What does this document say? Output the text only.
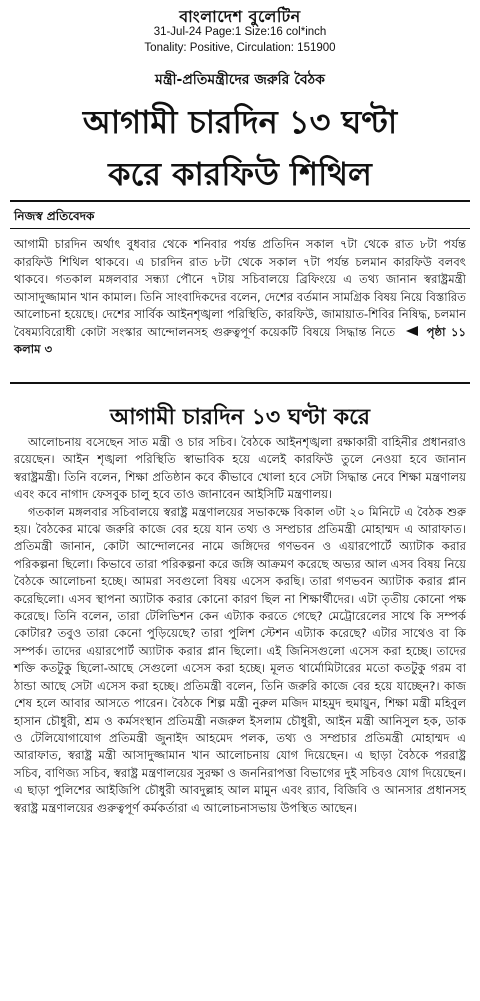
বাংলাদেশ বুলেটিন
31-Jul-24 Page:1 Size:16 col*inch
Tonality: Positive, Circulation: 151900
মন্ত্রী-প্রতিমন্ত্রীদের জরুরি বৈঠক
আগামী চারদিন ১৩ ঘণ্টা
করে কারফিউ শিথিল
নিজস্ব প্রতিবেদক
আগামী চারদিন অর্থাৎ বুধবার থেকে শনিবার পর্যন্ত প্রতিদিন সকাল ৭টা থেকে রাত ৮টা পর্যন্ত কারফিউ শিথিল থাকবে। এ চারদিন রাত ৮টা থেকে সকাল ৭টা পর্যন্ত চলমান কারফিউ বলবৎ থাকবে। গতকাল মঙ্গলবার সন্ধ্যা পৌনে ৭টায় সচিবালয়ে ব্রিফিংয়ে এ তথ্য জানান স্বরাষ্ট্রমন্ত্রী আসাদুজ্জামান খান কামাল। তিনি সাংবাদিকদের বলেন, দেশের বর্তমান সামগ্রিক বিষয় নিয়ে বিস্তারিত আলোচনা হয়েছে। দেশের সার্বিক আইনশৃঙ্খলা পরিস্থিতি, কারফিউ, জামায়াত-শিবির নিষিদ্ধ, চলমান বৈষম্যবিরোধী কোটা সংস্কার আন্দোলনসহ গুরুত্বপূর্ণ কয়েকটি বিষয়ে সিদ্ধান্ত নিতে	পৃষ্ঠা ১১ কলাম ৩
আগামী চারদিন ১৩ ঘণ্টা করে

আলোচনায় বসেছেন সাত মন্ত্রী ও চার সচিব। বৈঠকে আইনশৃঙ্খলা রক্ষাকারী বাহিনীর প্রধানরাও রয়েছেন। আইন শৃঙ্খলা পরিস্থিতি স্বাভাবিক হয়ে এলেই কারফিউ তুলে নেওয়া হবে জানান স্বরাষ্ট্রমন্ত্রী। তিনি বলেন, শিক্ষা প্রতিষ্ঠান কবে কীভাবে খোলা হবে সেটা সিদ্ধান্ত নেবে শিক্ষা মন্ত্রণালয় এবং কবে নাগাদ ফেসবুক চালু হবে তাও জানাবেন আইসিটি মন্ত্রণালয়।

গতকাল মঙ্গলবার সচিবালয়ে স্বরাষ্ট্র মন্ত্রণালয়ের সভাকক্ষে বিকাল ৩টা ২০ মিনিটে এ বৈঠক শুরু হয়। বৈঠকের মাঝে জরুরি কাজে বের হয়ে যান তথ্য ও সম্প্রচার প্রতিমন্ত্রী মোহাম্মদ এ আরাফাত। প্রতিমন্ত্রী জানান, কোটা আন্দোলনের নামে জঙ্গিদের গণভবন ও এয়ারপোর্টে অ্যাটাক করার পরিকল্পনা ছিলো। কিভাবে তারা পরিকল্পনা করে জঙ্গি আক্রমণ করেছে অভ্যর আল এসব বিষয় নিয়ে বৈঠকে আলোচনা হচ্ছে। আমরা সবগুলো বিষয় এসেস করছি। তারা গণভবন অ্যাটাক করার প্লান করেছিলো। এসব স্থাপনা অ্যাটাক করার কোনো কারণ ছিল না শিক্ষার্থীদের। এটা তৃতীয় কোনো পক্ষ করেছে। তিনি বলেন, তারা টেলিভিশন কেন এট্যাক করতে গেছে? মেট্রোরেলের সাথে কি সম্পর্ক কোটার? তবুও তারা কেনো পুড়িয়েছে? তারা পুলিশ স্টেশন এট্যাক করেছে? এটার সাথেও বা কি সম্পর্ক। তাদের এয়ারপোর্ট অ্যাটাক করার প্লান ছিলো। এই জিনিসগুলো এসেস করা হচ্ছে। তাদের শক্তি কতটুকু ছিলো-আছে সেগুলো এসেস করা হচ্ছে। মূলত থার্মোমিটারের মতো কতটুকু গরম বা ঠান্ডা আছে সেটা এসেস করা হচ্ছে। প্রতিমন্ত্রী বলেন, তিনি জরুরি কাজে বের হয়ে যাচ্ছেন?। কাজ শেষ হলে আবার আসতে পারেন। বৈঠকে শিল্প মন্ত্রী নুরুল মজিদ মাহমুদ হুমায়ুন, শিক্ষা মন্ত্রী মহিবুল হাসান চৌধুরী, শ্রম ও কর্মসংস্থান প্রতিমন্ত্রী নজরুল ইসলাম চৌধুরী, আইন মন্ত্রী আনিসুল হক, ডাক ও টেলিযোগাযোগ প্রতিমন্ত্রী জুনাইদ আহমেদ পলক, তথ্য ও সম্প্রচার প্রতিমন্ত্রী মোহাম্মদ এ আরাফাত, স্বরাষ্ট্র মন্ত্রী আসাদুজ্জামান খান আলোচনায় যোগ দিয়েছেন। এ ছাড়া বৈঠকে পররাষ্ট্র সচিব, বাণিজ্য সচিব, স্বরাষ্ট্র মন্ত্রণালয়ের সুরক্ষা ও জননিরাপত্তা বিভাগের দুই সচিবও যোগ দিয়েছেন। এ ছাড়া পুলিশের আইজিপি চৌধুরী আবদুল্লাহ আল মামুন এবং র‌্যাব, বিজিবি ও আনসার প্রধানসহ স্বরাষ্ট্র মন্ত্রণালয়ের গুরুত্বপূর্ণ কর্মকর্তারা এ আলোচনাসভায় উপস্থিত আছেন।
